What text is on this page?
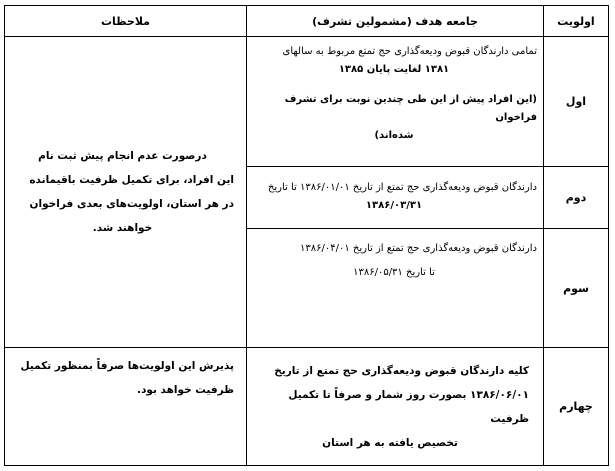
اولویت	جامعه هدف (مشمولین تشرف)	ملاحظات
اول	تمامی دارندگان قبوض ودیعه‌گذاری حج تمتع مربوط به سالهای
۱۳۸۱ لغایت پایان ۱۳۸۵
(این افراد پیش از این طی چندین نوبت برای تشرف فراخوان
شده‌اند)	درصورت عدم انجام پیش ثبت نام
این افراد، برای تکمیل ظرفیت باقیمانده
در هر استان، اولویت‌های بعدی فراخوان
خواهند شد.

دوم	دارندگان قبوض ودیعه‌گذاری حج تمتع از تاریخ ۱۳۸۶/۰۱/۰۱ تا تاریخ
۱۳۸۶/۰۳/۳۱	

سوم	دارندگان قبوض ودیعه‌گذاری حج تمتع از تاریخ ۱۳۸۶/۰۴/۰۱
تا تاریخ ۱۳۸۶/۰۵/۳۱	

چهارم	کلیه دارندگان قبوض ودیعه‌گذاری حج تمتع از تاریخ
۱۳۸۶/۰۶/۰۱ بصورت روز شمار و صرفاً تا تکمیل ظرفیت
تخصیص یافته به هر استان	پذیرش این اولویت‌ها صرفاً بمنظور تکمیل
ظرفیت خواهد بود.
